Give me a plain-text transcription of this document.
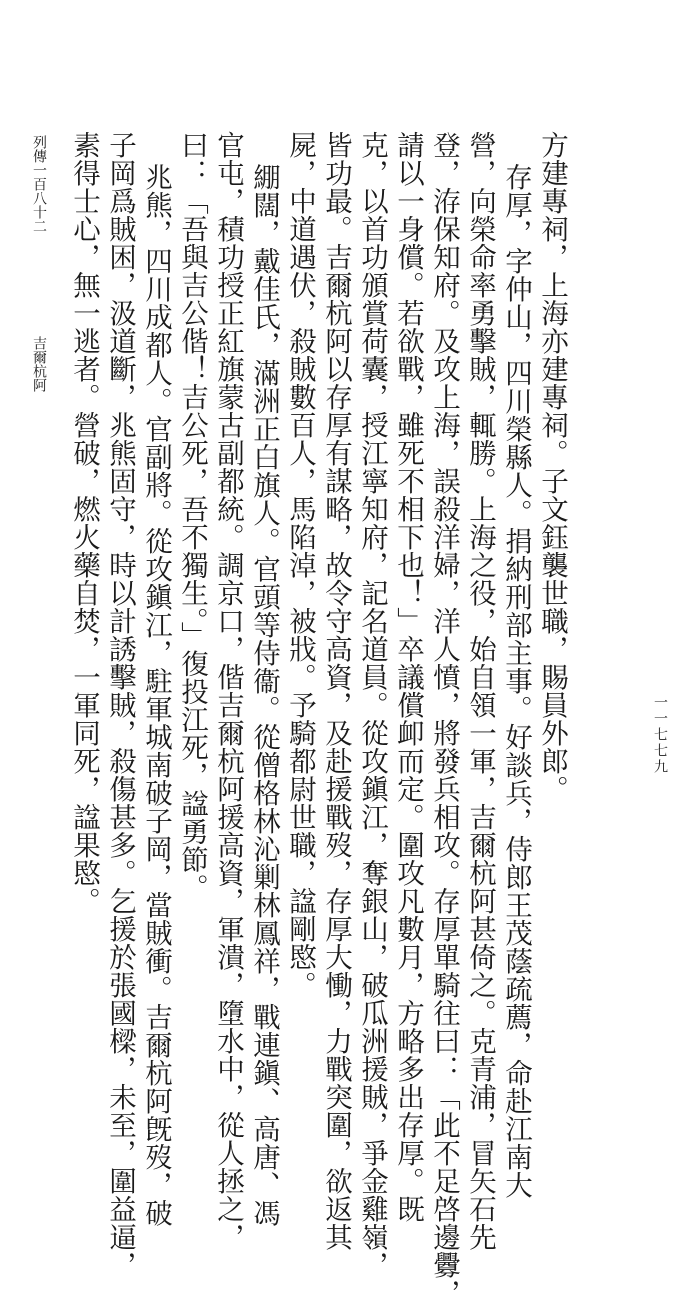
方建專祠，上海亦建專祠。子文鈺襲世職，賜員外郎。
存厚，字仲山，四川榮縣人。捐納刑部主事。好談兵，侍郎王茂蔭疏薦，命赴江南大
營，向榮命率勇擊賊，輒勝。上海之役，始自領一軍，吉爾杭阿甚倚之。克青浦，冒矢石先
登，洊保知府。及攻上海，誤殺洋婦，洋人憤，將發兵相攻。存厚單騎往曰：「此不足啓邊釁，
請以一身償。若欲戰，雖死不相下也！」卒議償卹而定。圍攻凡數月，方略多出存厚。既
克，以首功頒賞荷囊，授江寧知府，記名道員。從攻鎭江，奪銀山，破瓜洲援賊，爭金雞嶺，
皆功最。吉爾杭阿以存厚有謀略，故令守高資，及赴援戰歿，存厚大慟，力戰突圍，欲返其
屍，中道遇伏，殺賊數百人，馬陷淖，被戕。予騎都尉世職，諡剛愍。
綳闊，戴佳氏，滿洲正白旗人。官頭等侍衞。從僧格林沁剿林鳳祥，戰連鎭、高唐、馮
官屯，積功授正紅旗蒙古副都統。調京口，偕吉爾杭阿援高資，軍潰，墮水中，從人拯之，
曰：「吾與吉公偕！吉公死，吾不獨生。」復投江死，諡勇節。
兆熊，四川成都人。官副將。從攻鎭江，駐軍城南破子岡，當賊衝。吉爾杭阿旣歿，破
子岡爲賊困，汲道斷，兆熊固守，時以計誘擊賊，殺傷甚多。乞援於張國樑，未至，圍益逼，
素得士心，無一逃者。營破，燃火藥自焚，一軍同死，諡果愍。
列傳一百八十二
吉爾杭阿
一一七七九
